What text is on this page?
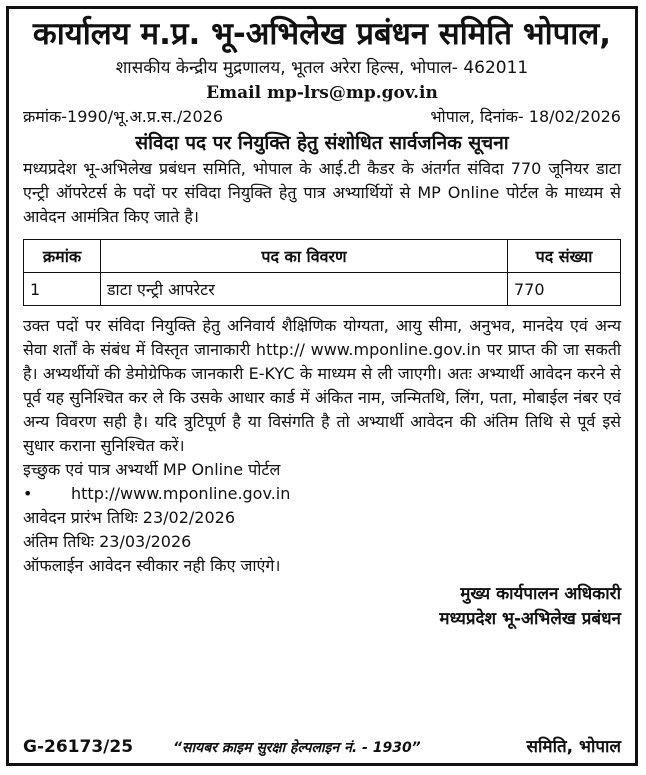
कार्यालय म.प्र. भू-अभिलेख प्रबंधन समिति भोपाल,
शासकीय केन्द्रीय मुद्रणालय, भूतल अरेरा हिल्स, भोपाल- 462011
Email mp-lrs@mp.gov.in
क्रमांक-1990/भू.अ.प्र.स./2026	भोपाल, दिनांक- 18/02/2026
संविदा पद पर नियुक्ति हेतु संशोधित सार्वजनिक सूचना
मध्यप्रदेश भू-अभिलेख प्रबंधन समिति, भोपाल के आई.टी कैडर के अंतर्गत संविदा 770 जूनियर डाटा एन्ट्री ऑपरेटर्स के पदों पर संविदा नियुक्ति हेतु पात्र अभ्यार्थियों से MP Online पोर्टल के माध्यम से आवेदन आमंत्रित किए जाते है।
क्रमांक	पद का विवरण	पद संख्या
1	डाटा एन्ट्री आपरेटर	770
उक्त पदों पर संविदा नियुक्ति हेतु अनिवार्य शैक्षिणिक योग्यता, आयु सीमा, अनुभव, मानदेय एवं अन्य सेवा शर्तों के संबंध में विस्तृत जानाकारी http:// www.mponline.gov.in पर प्राप्त की जा सकती है। अभ्यर्थीयों की डेमोग्रेफिक जानकारी E-KYC के माध्यम से ली जाएगी। अतः अभ्यार्थी आवेदन करने से पूर्व यह सुनिश्चित कर ले कि उसके आधार कार्ड में अंकित नाम, जन्मितथि, लिंग, पता, मोबाईल नंबर एवं अन्य विवरण सही है। यदि त्रुटिपूर्ण है या विसंगति है तो अभ्यार्थी आवेदन की अंतिम तिथि से पूर्व इसे सुधार कराना सुनिश्चित करें।
इच्छुक एवं पात्र अभ्यर्थी MP Online पोर्टल
•	http://www.mponline.gov.in
आवेदन प्रारंभ तिथिः 23/02/2026
अंतिम तिथिः 23/03/2026
ऑफलाईन आवेदन स्वीकार नही किए जाएंगे।
मुख्य कार्यपालन अधिकारी
मध्यप्रदेश भू-अभिलेख प्रबंधन
G-26173/25	“सायबर क्राइम सुरक्षा हेल्पलाइन नं. - 1930”	समिति, भोपाल
